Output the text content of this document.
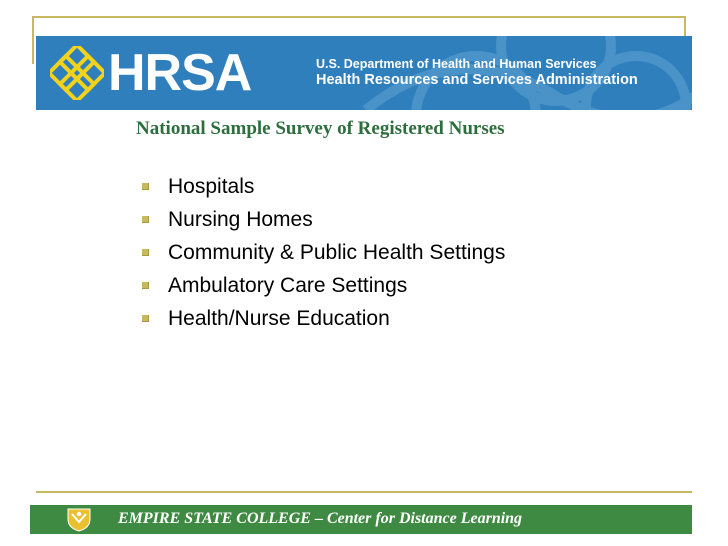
HRSA	U.S. Department of Health and Human Services
Health Resources and Services Administration
National Sample Survey of Registered Nurses
Hospitals
Nursing Homes
Community & Public Health Settings
Ambulatory Care Settings
Health/Nurse Education
EMPIRE STATE COLLEGE – Center for Distance Learning
